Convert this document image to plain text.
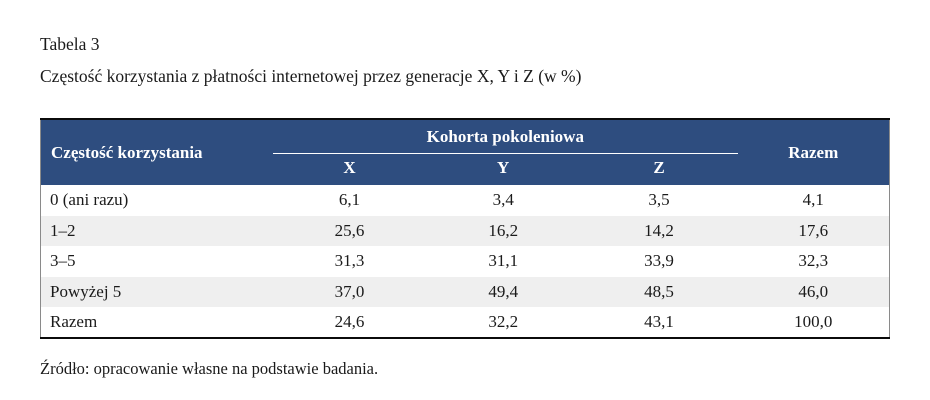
Tabela 3
Częstość korzystania z płatności internetowej przez generacje X, Y i Z (w %)
Częstość korzystania	Kohorta pokoleniowa			Razem
	X	Y	Z	
0 (ani razu)	6,1	3,4	3,5	4,1
1–2	25,6	16,2	14,2	17,6
3–5	31,3	31,1	33,9	32,3
Powyżej 5	37,0	49,4	48,5	46,0
Razem	24,6	32,2	43,1	100,0
Źródło: opracowanie własne na podstawie badania.
